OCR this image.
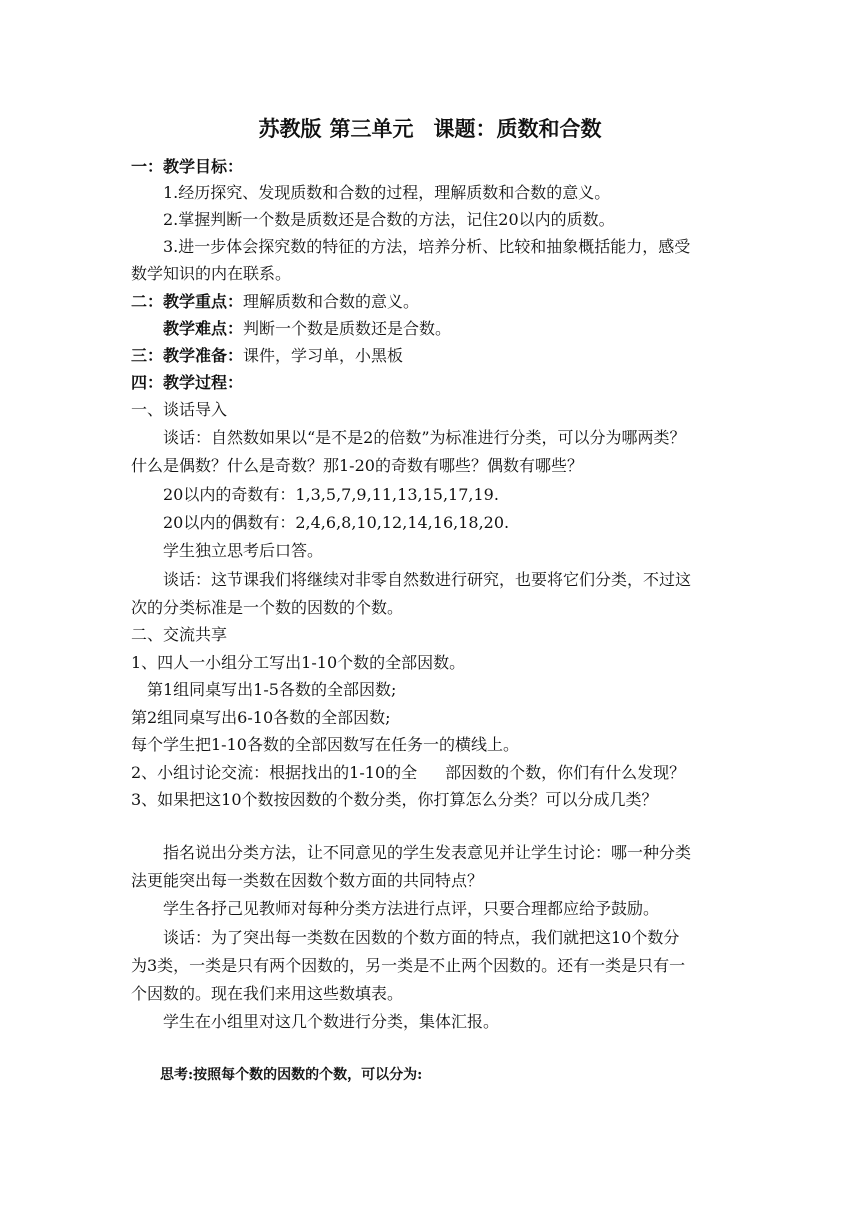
苏教版 第三单元 课题：质数和合数
一：教学目标：
1.经历探究、发现质数和合数的过程，理解质数和合数的意义。
2.掌握判断一个数是质数还是合数的方法，记住20以内的质数。
3.进一步体会探究数的特征的方法，培养分析、比较和抽象概括能力，感受
数学知识的内在联系。
二：教学重点：理解质数和合数的意义。
教学难点：判断一个数是质数还是合数。
三：教学准备：课件，学习单，小黑板
四：教学过程：
一、谈话导入
谈话：自然数如果以“是不是2的倍数”为标准进行分类，可以分为哪两类？
什么是偶数？什么是奇数？那1-20的奇数有哪些？偶数有哪些？
20以内的奇数有：1,3,5,7,9,11,13,15,17,19.
20以内的偶数有：2,4,6,8,10,12,14,16,18,20.
学生独立思考后口答。
谈话：这节课我们将继续对非零自然数进行研究，也要将它们分类，不过这
次的分类标准是一个数的因数的个数。
二、交流共享
1、四人一小组分工写出1-10个数的全部因数。
第1组同桌写出1-5各数的全部因数;
第2组同桌写出6-10各数的全部因数;
每个学生把1-10各数的全部因数写在任务一的横线上。
2、小组讨论交流：根据找出的1-10的全 部因数的个数，你们有什么发现？
3、如果把这10个数按因数的个数分类，你打算怎么分类？可以分成几类？
指名说出分类方法，让不同意见的学生发表意见并让学生讨论：哪一种分类
法更能突出每一类数在因数个数方面的共同特点？
学生各抒己见教师对每种分类方法进行点评，只要合理都应给予鼓励。
谈话：为了突出每一类数在因数的个数方面的特点，我们就把这10个数分
为3类，一类是只有两个因数的，另一类是不止两个因数的。还有一类是只有一
个因数的。现在我们来用这些数填表。
学生在小组里对这几个数进行分类，集体汇报。
思考:按照每个数的因数的个数，可以分为:
